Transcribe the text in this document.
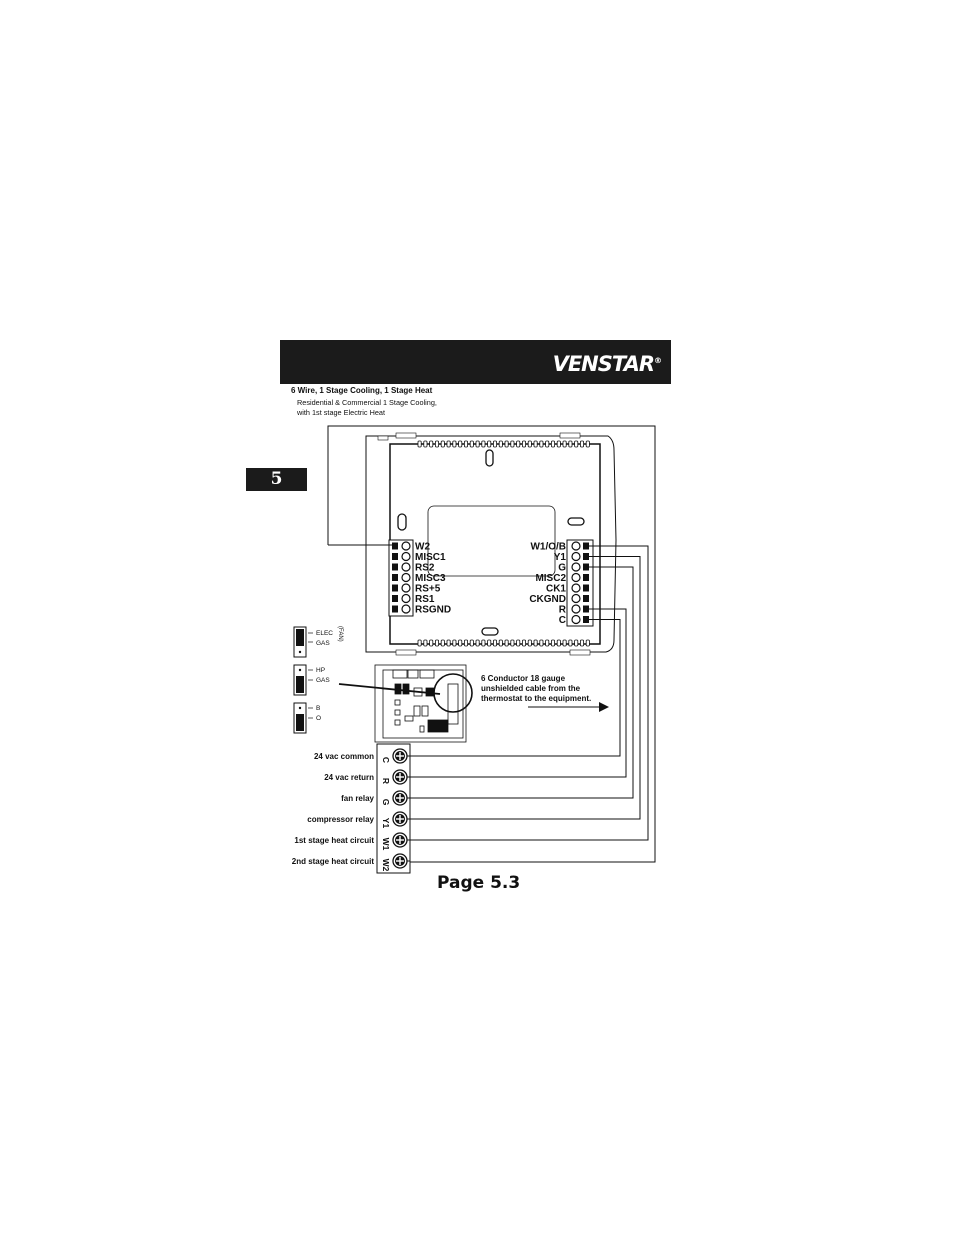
VENSTAR®
5
6 Wire, 1 Stage Cooling, 1 Stage Heat
Residential & Commercial 1 Stage Cooling,
with 1st stage Electric Heat
W2
MISC1
RS2
MISC3
RS+5
RS1
RSGND
W1/O/B
Y1
G
MISC2
CK1
CKGND
R
C
ELEC
GAS
(FAN)
HP
GAS
B
O
6 Conductor 18 gauge
unshielded cable from the
thermostat to the equipment.
C
24 vac common
R
24 vac return
G
fan relay
Y1
compressor relay
W1
1st stage heat circuit
W2
2nd stage heat circuit
Page 5.3
